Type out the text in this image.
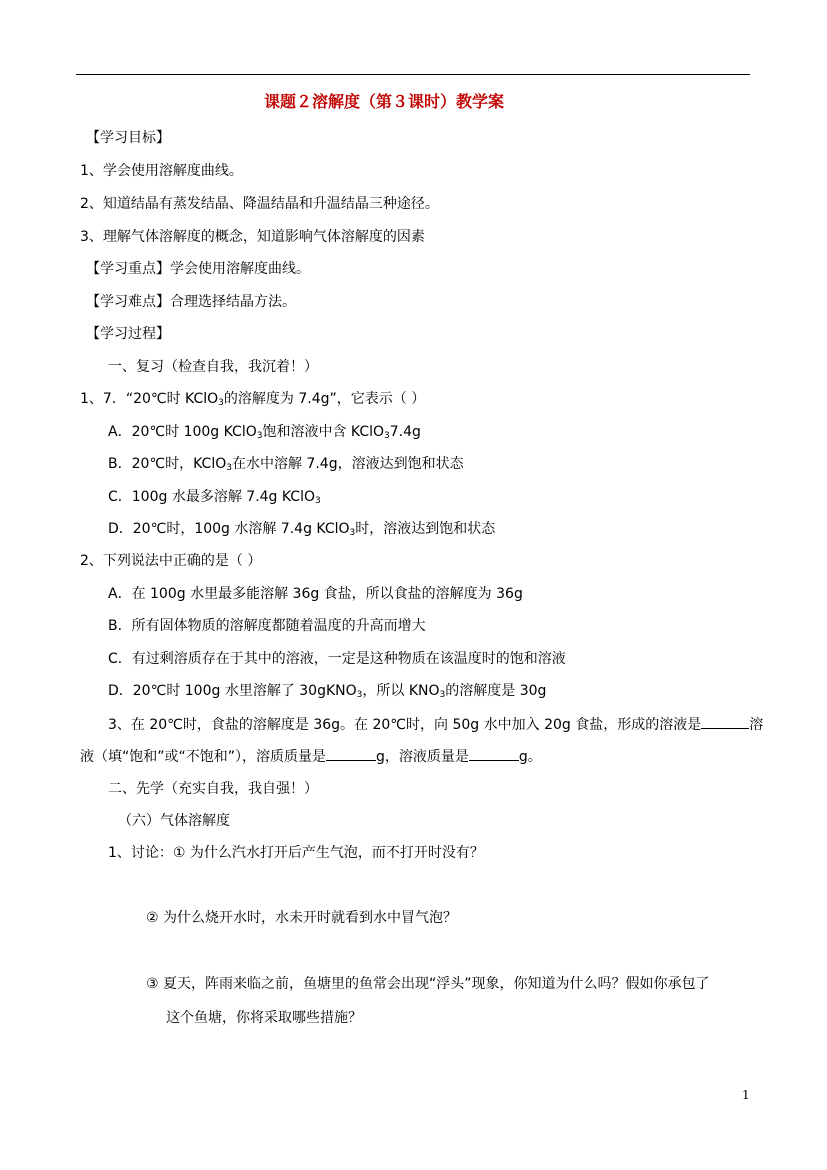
课题２溶解度（第３课时）教学案
【学习目标】
1、学会使用溶解度曲线。
2、知道结晶有蒸发结晶、降温结晶和升温结晶三种途径。
3、理解气体溶解度的概念，知道影响气体溶解度的因素
【学习重点】学会使用溶解度曲线。
【学习难点】合理选择结晶方法。
【学习过程】
一、复习（检查自我，我沉着！）
1、7．“20℃时 KClO$_3$的溶解度为 7.4g”，它表示（ ）
A．20℃时 100g KClO$_3$饱和溶液中含 KClO$_3$7.4g
B．20℃时，KClO$_3$在水中溶解 7.4g，溶液达到饱和状态
C．100g 水最多溶解 7.4g KClO$_3$
D．20℃时，100g 水溶解 7.4g KClO$_3$时，溶液达到饱和状态
2、下列说法中正确的是（ ）
A．在 100g 水里最多能溶解 36g 食盐，所以食盐的溶解度为 36g
B．所有固体物质的溶解度都随着温度的升高而增大
C．有过剩溶质存在于其中的溶液，一定是这种物质在该温度时的饱和溶液
D．20℃时 100g 水里溶解了 30gKNO$_3$，所以 $KNO_3$的溶解度是 30g
3、在 20℃时，食盐的溶解度是 36g。在 20℃时，向 50g 水中加入 20g 食盐，形成的溶液是	溶
液（填“饱和”或“不饱和”），溶质质量是	g，溶液质量是	g。
二、先学（充实自我，我自强！）
（六）气体溶解度
1、讨论：① 为什么汽水打开后产生气泡，而不打开时没有？
② 为什么烧开水时，水未开时就看到水中冒气泡？
③ 夏天，阵雨来临之前，鱼塘里的鱼常会出现“浮头”现象，你知道为什么吗？假如你承包了
这个鱼塘，你将采取哪些措施？
1
